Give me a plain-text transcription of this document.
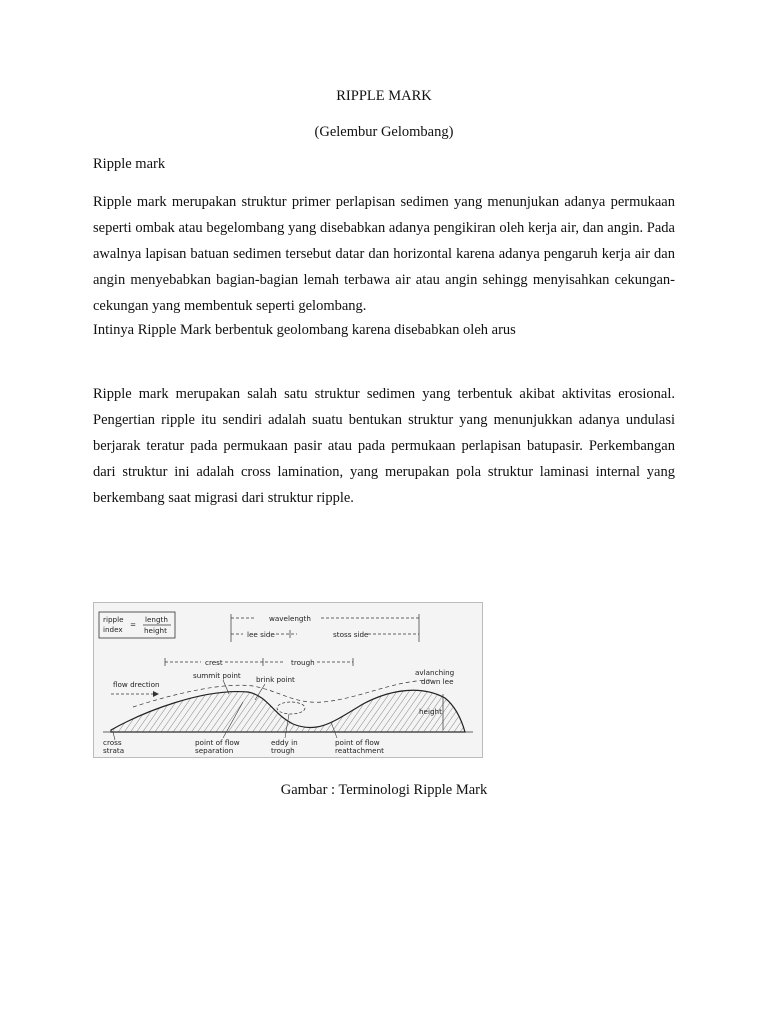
RIPPLE MARK
(Gelembur Gelombang)
Ripple mark
Ripple mark merupakan struktur primer perlapisan sedimen yang menunjukan adanya permukaan seperti ombak atau begelombang yang disebabkan adanya pengikiran oleh kerja air, dan angin. Pada awalnya lapisan batuan sedimen tersebut datar dan horizontal karena adanya pengaruh kerja air dan angin menyebabkan bagian-bagian lemah terbawa air atau angin sehingg menyisahkan cekungan-cekungan yang membentuk seperti gelombang.
Intinya Ripple Mark berbentuk geolombang karena disebabkan oleh arus
Ripple mark merupakan salah satu struktur sedimen yang terbentuk akibat aktivitas erosional. Pengertian ripple itu sendiri adalah suatu bentukan struktur yang menunjukkan adanya undulasi berjarak teratur pada permukaan pasir atau pada permukaan perlapisan batupasir. Perkembangan dari struktur ini adalah cross lamination, yang merupakan pola struktur laminasi internal yang berkembang saat migrasi dari struktur ripple.
ripple
index
=
length
height
wavelength
lee side	stoss side
crest	trough
flow drection
summit point brink point
avlanching
down lee
height
cross
strata
point of flow
separation
eddy in
trough
point of flow
reattachment
Gambar : Terminologi Ripple Mark
